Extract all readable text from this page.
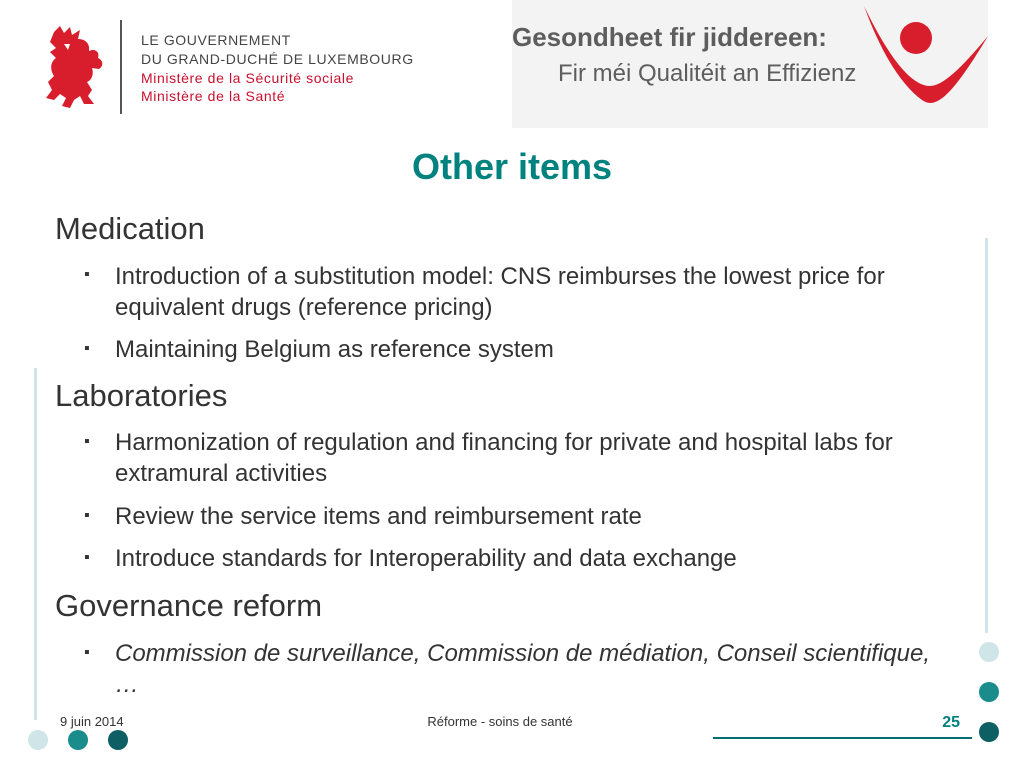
LE GOUVERNEMENT
DU GRAND-DUCHÉ DE LUXEMBOURG
Ministère de la Sécurité sociale
Ministère de la Santé
Gesondheet fir jiddereen:
Fir méi Qualitéit an Effizienz
Other items
Medication
▪ Introduction of a substitution model: CNS reimburses the lowest price for equivalent drugs (reference pricing)
▪ Maintaining Belgium as reference system
Laboratories
▪ Harmonization of regulation and financing for private and hospital labs for extramural activities
▪ Review the service items and reimbursement rate
▪ Introduce standards for Interoperability and data exchange
Governance reform
▪ Commission de surveillance, Commission de médiation, Conseil scientifique, …
9 juin 2014	Réforme - soins de santé	25
